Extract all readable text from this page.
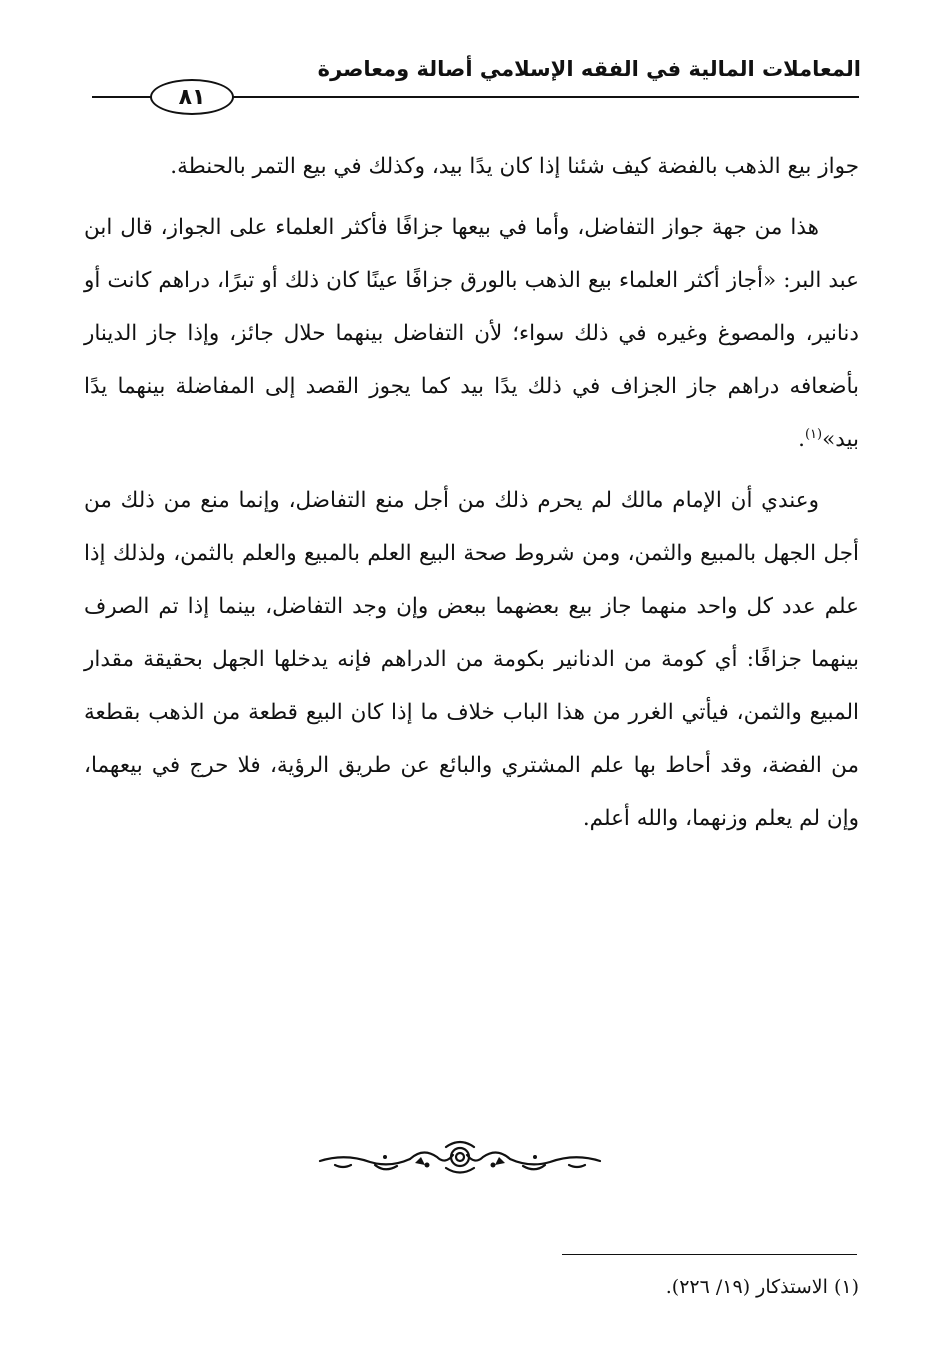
المعاملات المالية في الفقه الإسلامي أصالة ومعاصرة
٨١

جواز بيع الذهب بالفضة كيف شئنا إذا كان يدًا بيد، وكذلك في بيع التمر بالحنطة.

هذا من جهة جواز التفاضل، وأما في بيعها جزافًا فأكثر العلماء على الجواز، قال ابن عبد البر: «أجاز أكثر العلماء بيع الذهب بالورق جزافًا عينًا كان ذلك أو تبرًا، دراهم كانت أو دنانير، والمصوغ وغيره في ذلك سواء؛ لأن التفاضل بينهما حلال جائز، وإذا جاز الدينار بأضعافه دراهم جاز الجزاف في ذلك يدًا بيد كما يجوز القصد إلى المفاضلة بينهما يدًا بيد»$^{(١)}$.

وعندي أن الإمام مالك لم يحرم ذلك من أجل منع التفاضل، وإنما منع من ذلك من أجل الجهل بالمبيع والثمن، ومن شروط صحة البيع العلم بالمبيع والعلم بالثمن، ولذلك إذا علم عدد كل واحد منهما جاز بيع بعضهما ببعض وإن وجد التفاضل، بينما إذا تم الصرف بينهما جزافًا: أي كومة من الدنانير بكومة من الدراهم فإنه يدخلها الجهل بحقيقة مقدار المبيع والثمن، فيأتي الغرر من هذا الباب خلاف ما إذا كان البيع قطعة من الذهب بقطعة من الفضة، وقد أحاط بها علم المشتري والبائع عن طريق الرؤية، فلا حرج في بيعهما، وإن لم يعلم وزنهما، والله أعلم.

(١) الاستذكار (١٩/ ٢٢٦).
